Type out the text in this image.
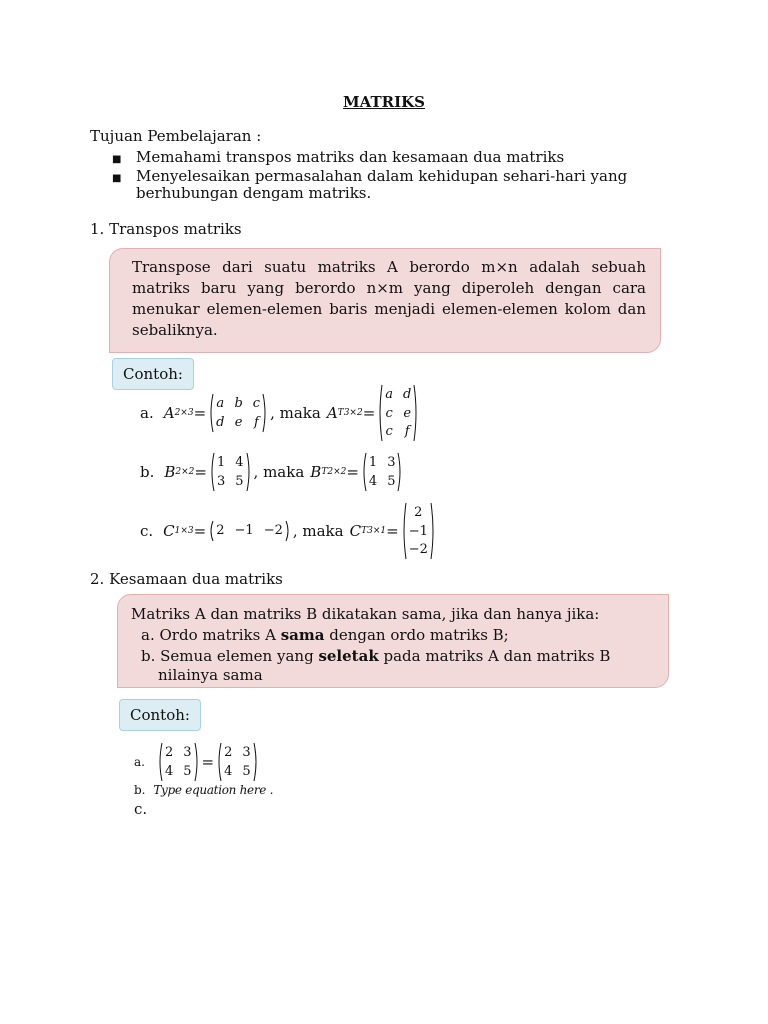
MATRIKS
Tujuan Pembelajaran :
■ Memahami transpos matriks dan kesamaan dua matriks
■ Menyelesaikan permasalahan dalam kehidupan sehari-hari yang
berhubungan dengam matriks.
1. Transpos matriks
Transpose dari suatu matriks A berordo m×n adalah sebuah
matriks baru yang berordo n×m yang diperoleh dengan cara
menukar elemen-elemen baris menjadi elemen-elemen kolom dan
sebaliknya.
Contoh:
a. A 2×3 =
a b c
d e f
, maka A T 3×2 =
a d
c e
c f
b. B 2×2 =
1 4
3 5
, maka B T 2×2 =
1 3
4 5
c. C 1×3 = 2 −1 −2 , maka C T 3×1 =
2
−1
−2
2. Kesamaan dua matriks
Matriks A dan matriks B dikatakan sama, jika dan hanya jika:
a. Ordo matriks A sama dengan ordo matriks B;
b. Semua elemen yang seletak pada matriks A dan matriks B
nilainya sama
Contoh:
a.
2 3
4 5
=
2 3
4 5
b. Type equation here .
c.
